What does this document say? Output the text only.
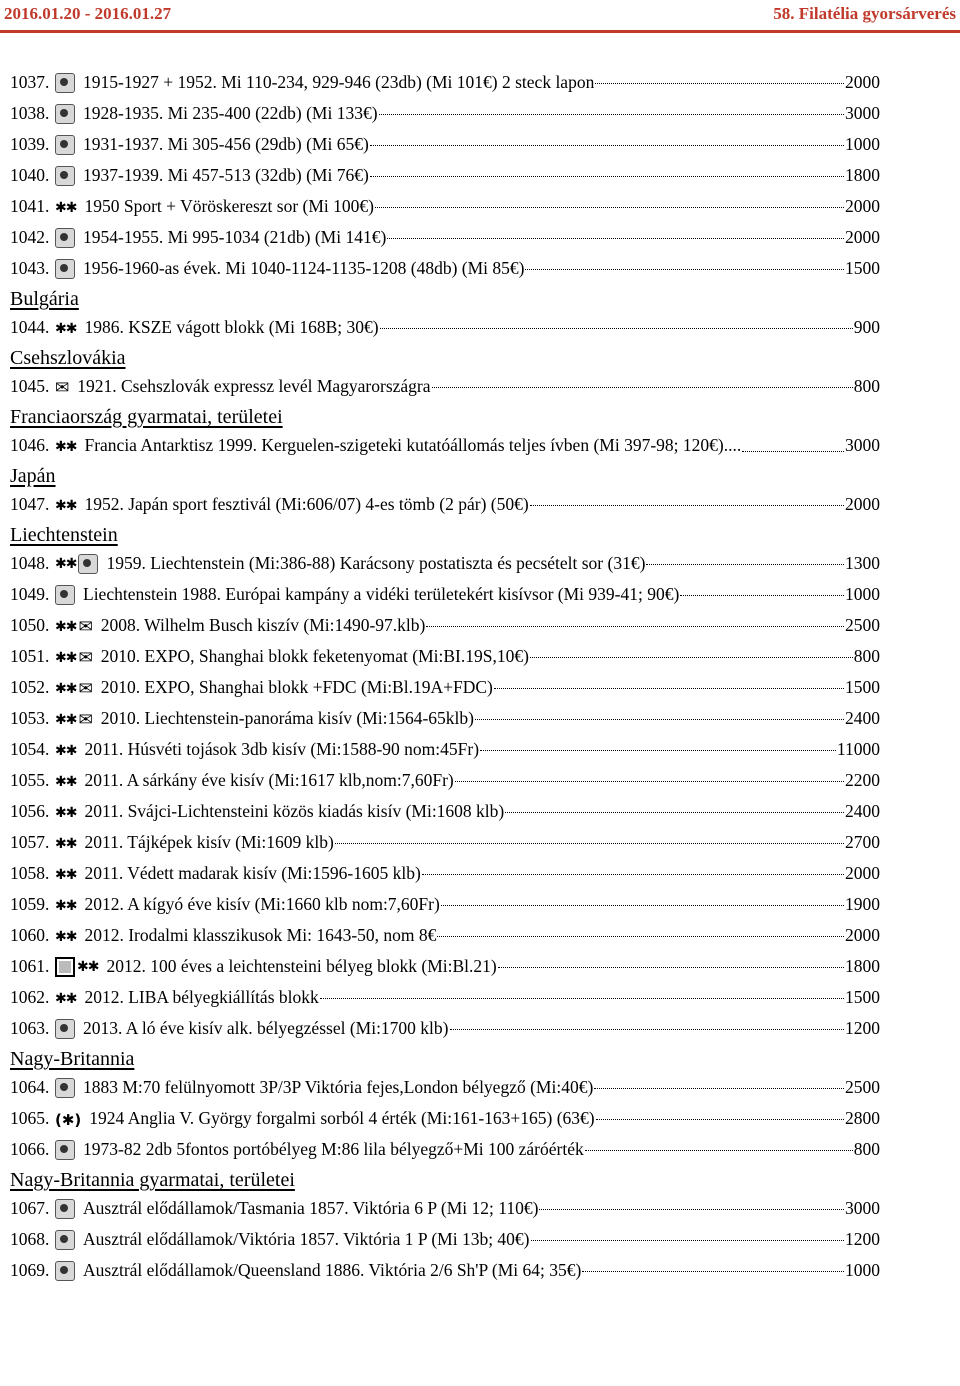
2016.01.20 - 2016.01.27	58. Filatélia gyorsárverés
1037. 1915-1927 + 1952. Mi 110-234, 929-946 (23db) (Mi 101€) 2 steck lapon	2000
1038. 1928-1935. Mi 235-400 (22db) (Mi 133€)	3000
1039. 1931-1937. Mi 305-456 (29db) (Mi 65€)	1000
1040. 1937-1939. Mi 457-513 (32db) (Mi 76€)	1800
1041. ✱✱ 1950 Sport + Vöröskereszt sor (Mi 100€)	2000
1042. 1954-1955. Mi 995-1034 (21db) (Mi 141€)	2000
1043. 1956-1960-as évek. Mi 1040-1124-1135-1208 (48db) (Mi 85€)	1500
Bulgária
1044. ✱✱ 1986. KSZE vágott blokk (Mi 168B; 30€)	900
Csehszlovákia
1045. ✉ 1921. Csehszlovák expressz levél Magyarországra	800
Franciaország gyarmatai, területei
1046. ✱✱ Francia Antarktisz 1999. Kerguelen-szigeteki kutatóállomás teljes ívben (Mi 397-98; 120€)....	3000
Japán
1047. ✱✱ 1952. Japán sport fesztivál (Mi:606/07) 4-es tömb (2 pár) (50€)	2000
Liechtenstein
1048. ✱✱ 1959. Liechtenstein (Mi:386-88) Karácsony postatiszta és pecsételt sor (31€)	1300
1049. Liechtenstein 1988. Európai kampány a vidéki területekért kisívsor (Mi 939-41; 90€)	1000
1050. ✱✱ ✉ 2008. Wilhelm Busch kiszív (Mi:1490-97.klb)	2500
1051. ✱✱ ✉ 2010. EXPO, Shanghai blokk feketenyomat (Mi:BI.19S,10€)	800
1052. ✱✱ ✉ 2010. EXPO, Shanghai blokk +FDC (Mi:Bl.19A+FDC)	1500
1053. ✱✱ ✉ 2010. Liechtenstein-panoráma kisív (Mi:1564-65klb)	2400
1054. ✱✱ 2011. Húsvéti tojások 3db kisív (Mi:1588-90 nom:45Fr)	11000
1055. ✱✱ 2011. A sárkány éve kisív (Mi:1617 klb,nom:7,60Fr)	2200
1056. ✱✱ 2011. Svájci-Lichtensteini közös kiadás kisív (Mi:1608 klb)	2400
1057. ✱✱ 2011. Tájképek kisív (Mi:1609 klb)	2700
1058. ✱✱ 2011. Védett madarak kisív (Mi:1596-1605 klb)	2000
1059. ✱✱ 2012. A kígyó éve kisív (Mi:1660 klb nom:7,60Fr)	1900
1060. ✱✱ 2012. Irodalmi klasszikusok Mi: 1643-50, nom 8€	2000
1061. ✱✱ 2012. 100 éves a leichtensteini bélyeg blokk (Mi:Bl.21)	1800
1062. ✱✱ 2012. LIBA bélyegkiállítás blokk	1500
1063. 2013. A ló éve kisív alk. bélyegzéssel (Mi:1700 klb)	1200
Nagy-Britannia
1064. 1883 M:70 felülnyomott 3P/3P Viktória fejes,London bélyegző (Mi:40€)	2500
1065. (✱) 1924 Anglia V. György forgalmi sorból 4 érték (Mi:161-163+165) (63€)	2800
1066. 1973-82 2db 5fontos portóbélyeg M:86 lila bélyegző+Mi 100 záróérték	800
Nagy-Britannia gyarmatai, területei
1067. Ausztrál elődállamok/Tasmania 1857. Viktória 6 P (Mi 12; 110€)	3000
1068. Ausztrál elődállamok/Viktória 1857. Viktória 1 P (Mi 13b; 40€)	1200
1069. Ausztrál elődállamok/Queensland 1886. Viktória 2/6 Sh'P (Mi 64; 35€)	1000
